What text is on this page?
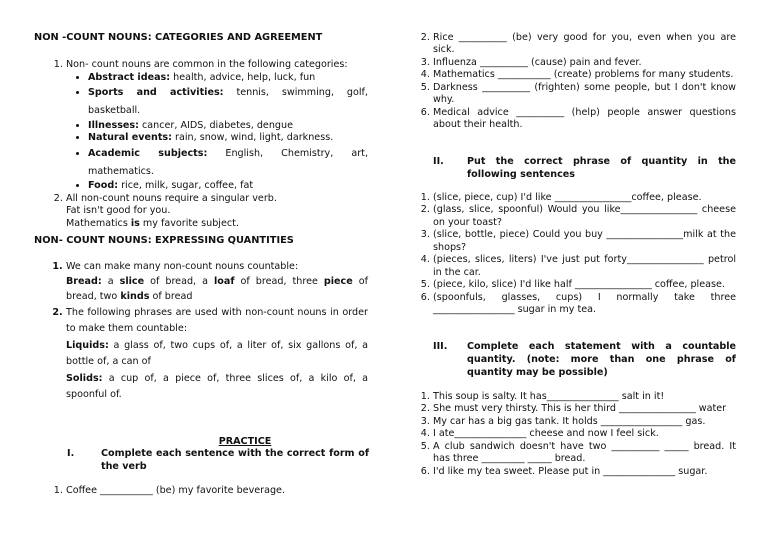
NON -COUNT NOUNS: CATEGORIES AND AGREEMENT
1. Non- count nouns are common in the following categories:
• Abstract ideas: health, advice, help, luck, fun
• Sports and activities: tennis, swimming, golf, basketball.
• Illnesses: cancer, AIDS, diabetes, dengue
• Natural events: rain, snow, wind, light, darkness.
• Academic subjects: English, Chemistry, art, mathematics.
• Food: rice, milk, sugar, coffee, fat
2. All non-count nouns require a singular verb.
Fat isn't good for you.
Mathematics is my favorite subject.
NON- COUNT NOUNS: EXPRESSING QUANTITIES
1. We can make many non-count nouns countable:
Bread: a slice of bread, a loaf of bread, three piece of bread, two kinds of bread
2. The following phrases are used with non-count nouns in order to make them countable:
Liquids: a glass of, two cups of, a liter of, six gallons of, a bottle of, a can of
Solids: a cup of, a piece of, three slices of, a kilo of, a spoonful of.
PRACTICE
I.	Complete each sentence with the correct form of the verb
1. Coffee ___________ (be) my favorite beverage.
2. Rice __________ (be) very good for you, even when you are sick.
3. Influenza __________ (cause) pain and fever.
4. Mathematics ___________ (create) problems for many students.
5. Darkness __________ (frighten) some people, but I don't know why.
6. Medical advice __________ (help) people answer questions about their health.
II.	Put the correct phrase of quantity in the following sentences
1. (slice, piece, cup) I'd like ________________coffee, please.
2. (glass, slice, spoonful) Would you like________________ cheese on your toast?
3. (slice, bottle, piece) Could you buy ________________milk at the shops?
4. (pieces, slices, liters) I've just put forty________________ petrol in the car.
5. (piece, kilo, slice) I'd like half ________________ coffee, please.
6. (spoonfuls, glasses, cups) I normally take three _________________ sugar in my tea.
III.	Complete each statement with a countable quantity. (note: more than one phrase of quantity may be possible)
1. This soup is salty. It has_______________ salt in it!
2. She must very thirsty. This is her third ________________ water
3. My car has a big gas tank. It holds _________________ gas.
4. I ate_______________ cheese and now I feel sick.
5. A club sandwich doesn't have two __________ _____ bread. It has three _________ _____ bread.
6. I'd like my tea sweet. Please put in _______________ sugar.
